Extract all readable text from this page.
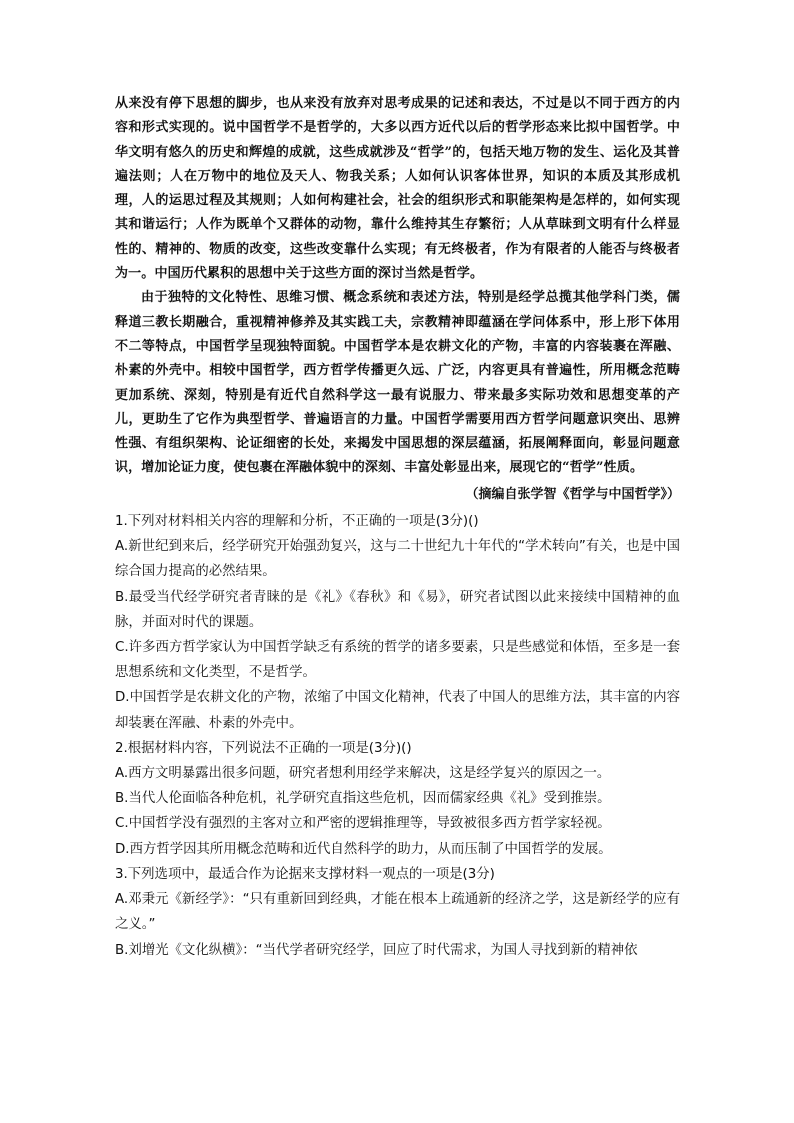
从来没有停下思想的脚步，也从来没有放弃对思考成果的记述和表达，不过是以不同于西方的内容和形式实现的。说中国哲学不是哲学的，大多以西方近代以后的哲学形态来比拟中国哲学。中华文明有悠久的历史和辉煌的成就，这些成就涉及“哲学”的，包括天地万物的发生、运化及其普遍法则；人在万物中的地位及天人、物我关系；人如何认识客体世界，知识的本质及其形成机理，人的运思过程及其规则；人如何构建社会，社会的组织形式和职能架构是怎样的，如何实现其和谐运行；人作为既单个又群体的动物，靠什么维持其生存繁衍；人从草昧到文明有什么样显性的、精神的、物质的改变，这些改变靠什么实现；有无终极者，作为有限者的人能否与终极者为一。中国历代累积的思想中关于这些方面的深讨当然是哲学。

由于独特的文化特性、思维习惯、概念系统和表述方法，特别是经学总揽其他学科门类，儒释道三教长期融合，重视精神修养及其实践工夫，宗教精神即蕴涵在学问体系中，形上形下体用不二等特点，中国哲学呈现独特面貌。中国哲学本是农耕文化的产物，丰富的内容装裹在浑融、朴素的外壳中。相较中国哲学，西方哲学传播更久远、广泛，内容更具有普遍性，所用概念范畴更加系统、深刻，特别是有近代自然科学这一最有说服力、带来最多实际功效和思想变革的产儿，更助生了它作为典型哲学、普遍语言的力量。中国哲学需要用西方哲学问题意识突出、思辨性强、有组织架构、论证细密的长处，来揭发中国思想的深层蕴涵，拓展阐释面向，彰显问题意识，增加论证力度，使包裹在浑融体貌中的深刻、丰富处彰显出来，展现它的“哲学”性质。

（摘编自张学智《哲学与中国哲学》）

1.下列对材料相关内容的理解和分析，不正确的一项是(3分)()

A.新世纪到来后，经学研究开始强劲复兴，这与二十世纪九十年代的“学术转向”有关，也是中国综合国力提高的必然结果。

B.最受当代经学研究者青睐的是《礼》《春秋》和《易》，研究者试图以此来接续中国精神的血脉，并面对时代的课题。

C.许多西方哲学家认为中国哲学缺乏有系统的哲学的诸多要素，只是些感觉和体悟，至多是一套思想系统和文化类型，不是哲学。

D.中国哲学是农耕文化的产物，浓缩了中国文化精神，代表了中国人的思维方法，其丰富的内容却装裹在浑融、朴素的外壳中。

2.根据材料内容，下列说法不正确的一项是(3分)()

A.西方文明暴露出很多问题，研究者想利用经学来解决，这是经学复兴的原因之一。

B.当代人伦面临各种危机，礼学研究直指这些危机，因而儒家经典《礼》受到推崇。

C.中国哲学没有强烈的主客对立和严密的逻辑推理等，导致被很多西方哲学家轻视。

D.西方哲学因其所用概念范畴和近代自然科学的助力，从而压制了中国哲学的发展。

3.下列选项中，最适合作为论据来支撑材料一观点的一项是(3分)

A.邓秉元《新经学》：“只有重新回到经典，才能在根本上疏通新的经济之学，这是新经学的应有之义。”

B.刘增光《文化纵横》：“当代学者研究经学，回应了时代需求，为国人寻找到新的精神依
